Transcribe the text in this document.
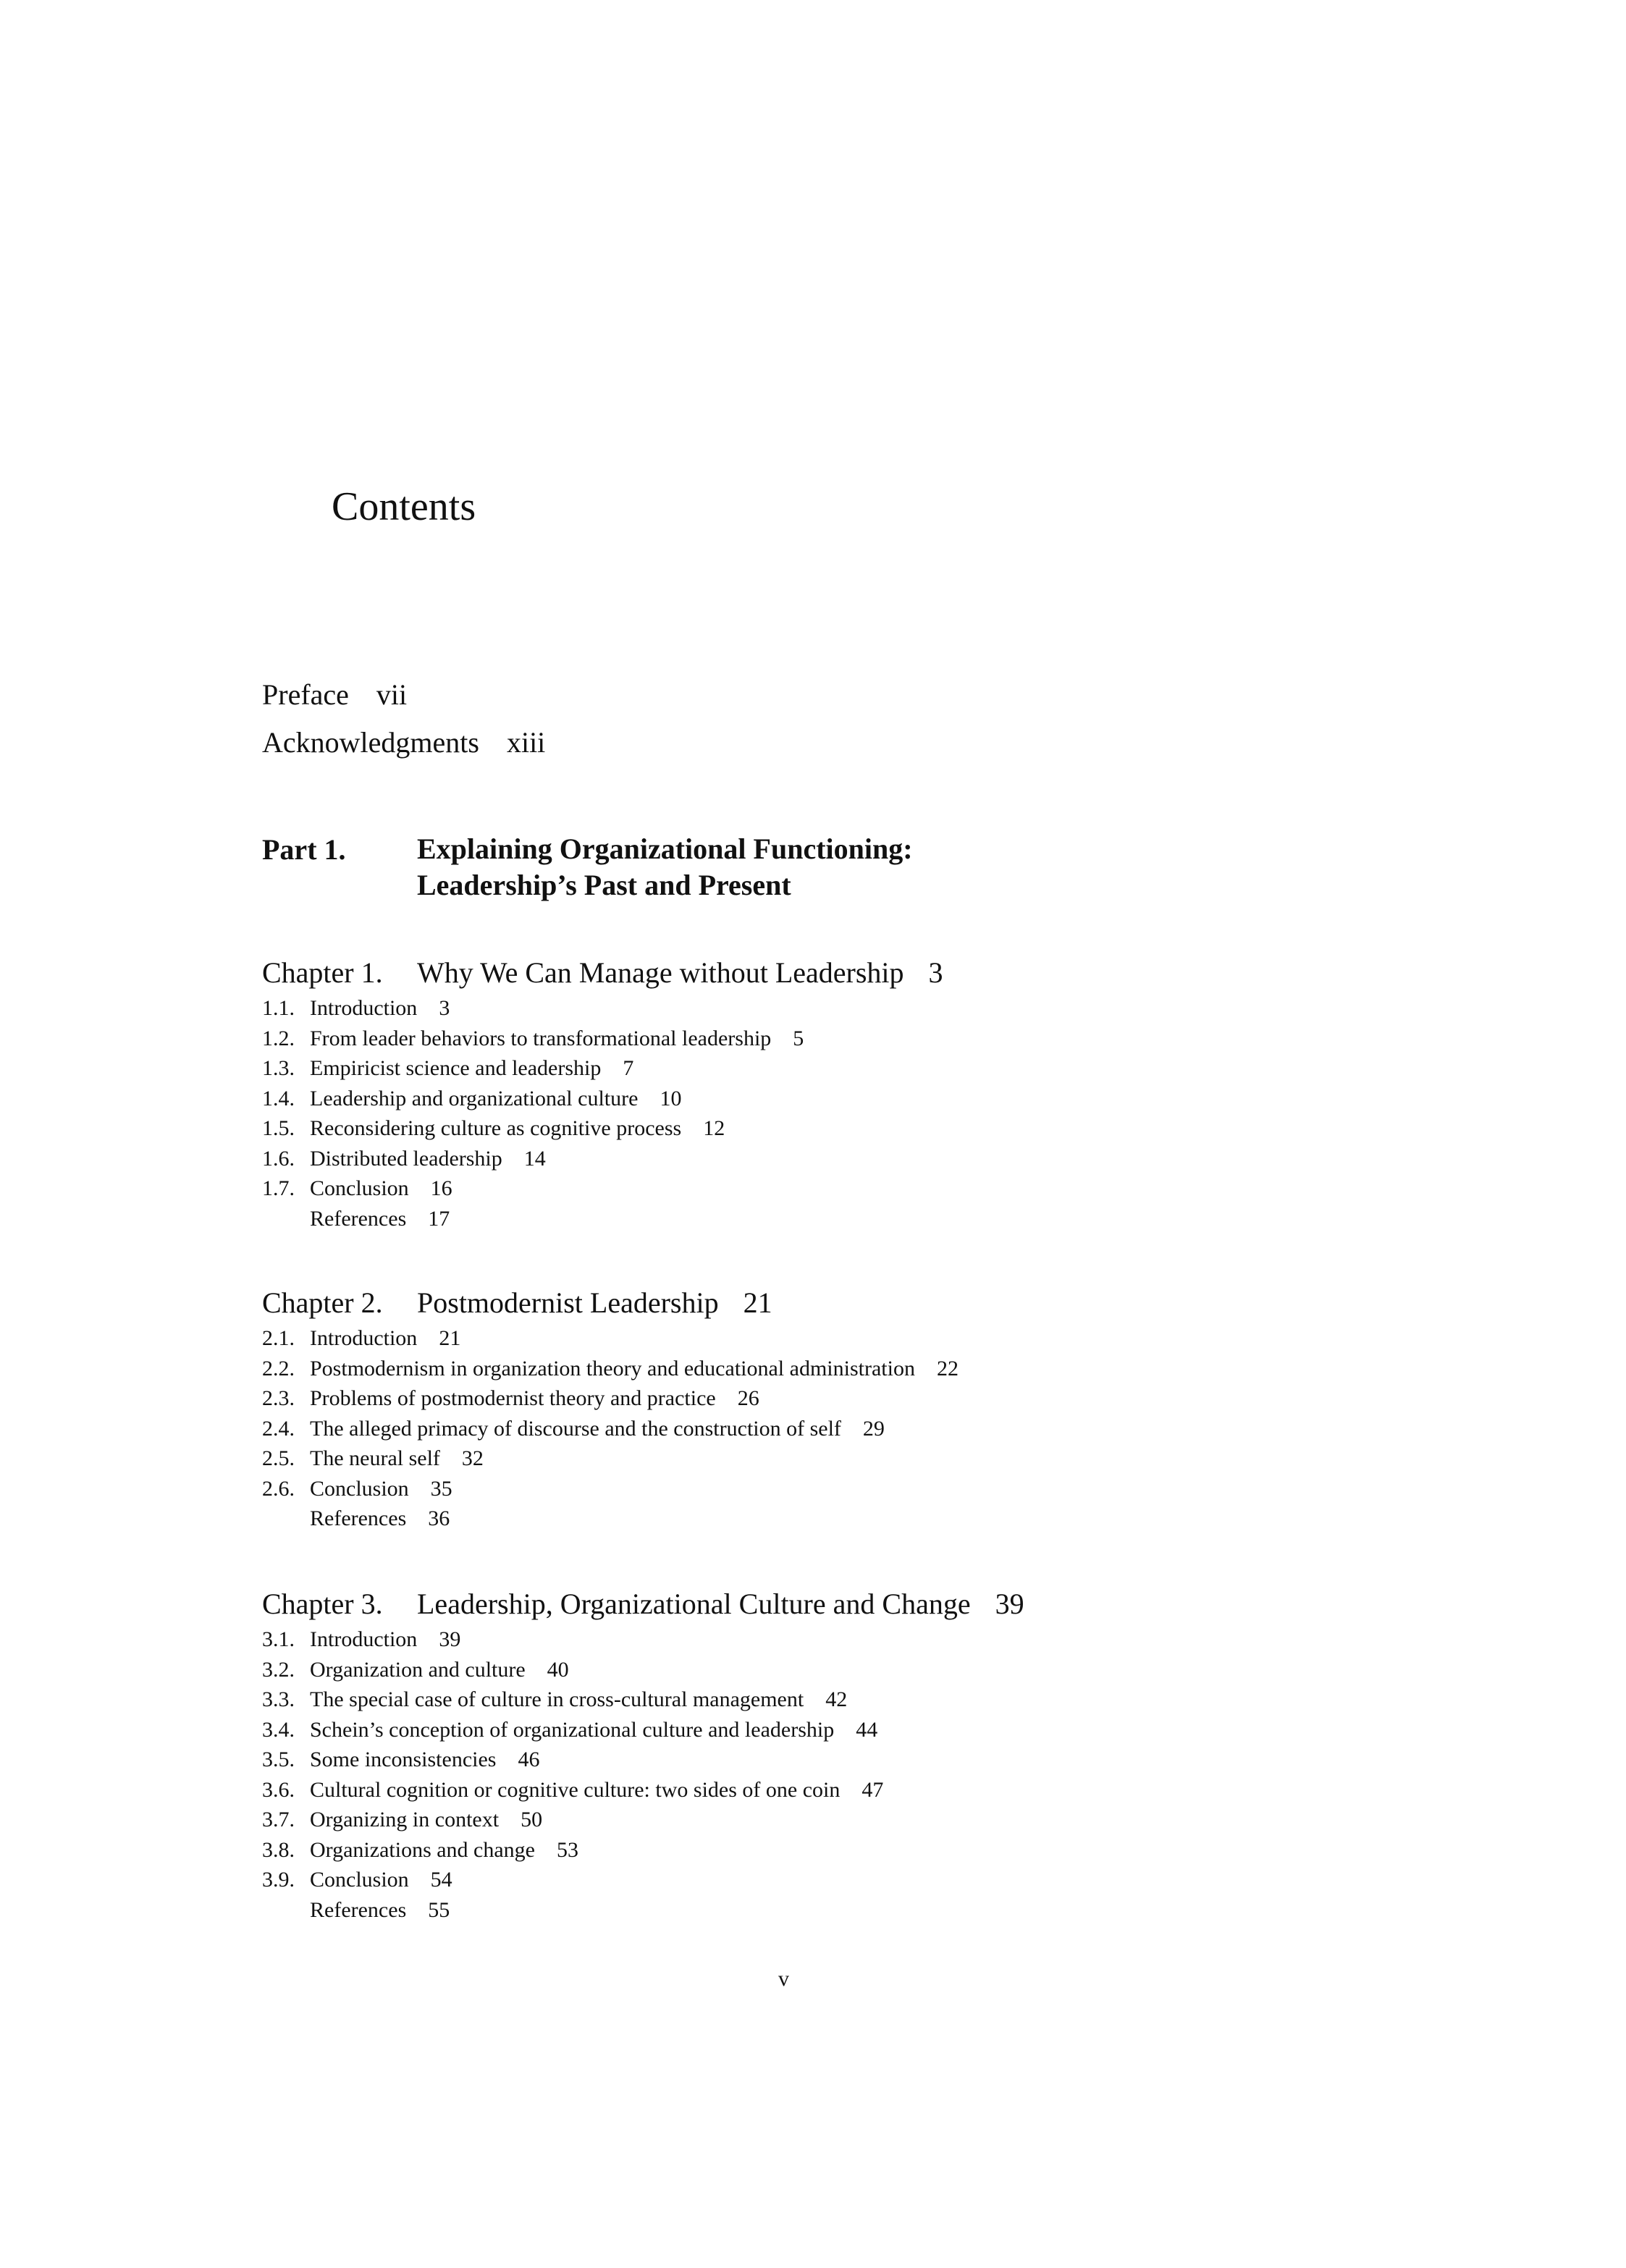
Contents
Preface vii
Acknowledgments xiii
Part 1. Explaining Organizational Functioning:
Leadership’s Past and Present
Chapter 1. Why We Can Manage without Leadership 3
1.1. Introduction 3
1.2. From leader behaviors to transformational leadership 5
1.3. Empiricist science and leadership 7
1.4. Leadership and organizational culture 10
1.5. Reconsidering culture as cognitive process 12
1.6. Distributed leadership 14
1.7. Conclusion 16
References 17
Chapter 2. Postmodernist Leadership 21
2.1. Introduction 21
2.2. Postmodernism in organization theory and educational administration 22
2.3. Problems of postmodernist theory and practice 26
2.4. The alleged primacy of discourse and the construction of self 29
2.5. The neural self 32
2.6. Conclusion 35
References 36
Chapter 3. Leadership, Organizational Culture and Change 39
3.1. Introduction 39
3.2. Organization and culture 40
3.3. The special case of culture in cross-cultural management 42
3.4. Schein’s conception of organizational culture and leadership 44
3.5. Some inconsistencies 46
3.6. Cultural cognition or cognitive culture: two sides of one coin 47
3.7. Organizing in context 50
3.8. Organizations and change 53
3.9. Conclusion 54
References 55
v
